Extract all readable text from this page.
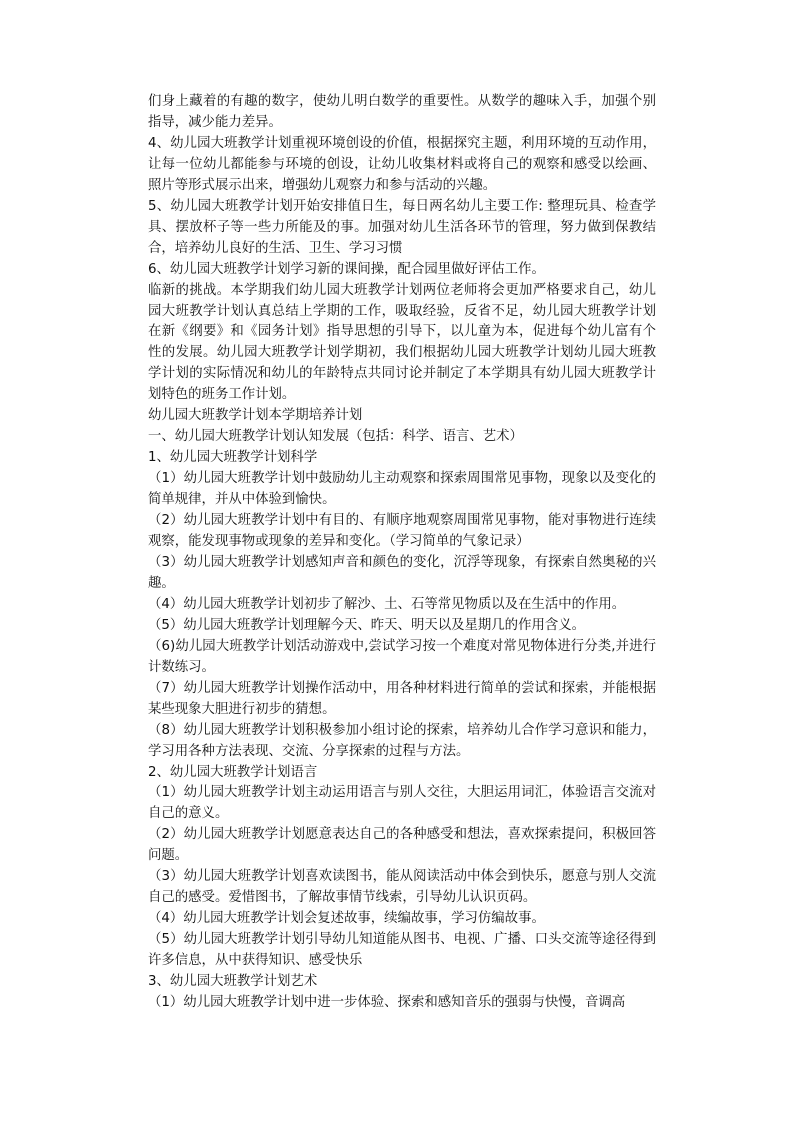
们身上藏着的有趣的数字，使幼儿明白数学的重要性。从数学的趣味入手，加强个别指导，减少能力差异。

4、幼儿园大班教学计划重视环境创设的价值，根据探究主题，利用环境的互动作用，让每一位幼儿都能参与环境的创设，让幼儿收集材料或将自己的观察和感受以绘画、照片等形式展示出来，增强幼儿观察力和参与活动的兴趣。

5、幼儿园大班教学计划开始安排值日生，每日两名幼儿主要工作: 整理玩具、检查学具、摆放杯子等一些力所能及的事。加强对幼儿生活各环节的管理，努力做到保教结合，培养幼儿良好的生活、卫生、学习习惯

6、幼儿园大班教学计划学习新的课间操，配合园里做好评估工作。

临新的挑战。本学期我们幼儿园大班教学计划两位老师将会更加严格要求自己，幼儿园大班教学计划认真总结上学期的工作，吸取经验，反省不足，幼儿园大班教学计划在新《纲要》和《园务计划》指导思想的引导下，以儿童为本，促进每个幼儿富有个性的发展。幼儿园大班教学计划学期初，我们根据幼儿园大班教学计划幼儿园大班教学计划的实际情况和幼儿的年龄特点共同讨论并制定了本学期具有幼儿园大班教学计划特色的班务工作计划。

幼儿园大班教学计划本学期培养计划

一、幼儿园大班教学计划认知发展（包括：科学、语言、艺术）

1、幼儿园大班教学计划科学

（1）幼儿园大班教学计划中鼓励幼儿主动观察和探索周围常见事物，现象以及变化的简单规律，并从中体验到愉快。

（2）幼儿园大班教学计划中有目的、有顺序地观察周围常见事物，能对事物进行连续观察，能发现事物或现象的差异和变化。（学习简单的气象记录）

（3）幼儿园大班教学计划感知声音和颜色的变化，沉浮等现象，有探索自然奥秘的兴趣。

（4）幼儿园大班教学计划初步了解沙、土、石等常见物质以及在生活中的作用。

（5）幼儿园大班教学计划理解今天、昨天、明天以及星期几的作用含义。

（6)幼儿园大班教学计划活动游戏中,尝试学习按一个难度对常见物体进行分类,并进行计数练习。

（7）幼儿园大班教学计划操作活动中，用各种材料进行简单的尝试和探索，并能根据某些现象大胆进行初步的猜想。

（8）幼儿园大班教学计划积极参加小组讨论的探索，培养幼儿合作学习意识和能力，学习用各种方法表现、交流、分享探索的过程与方法。

2、幼儿园大班教学计划语言

（1）幼儿园大班教学计划主动运用语言与别人交往，大胆运用词汇，体验语言交流对自己的意义。

（2）幼儿园大班教学计划愿意表达自己的各种感受和想法，喜欢探索提问，积极回答问题。

（3）幼儿园大班教学计划喜欢读图书，能从阅读活动中体会到快乐，愿意与别人交流自己的感受。爱惜图书，了解故事情节线索，引导幼儿认识页码。

（4）幼儿园大班教学计划会复述故事，续编故事，学习仿编故事。

（5）幼儿园大班教学计划引导幼儿知道能从图书、电视、广播、口头交流等途径得到许多信息，从中获得知识、感受快乐

3、幼儿园大班教学计划艺术

（1）幼儿园大班教学计划中进一步体验、探索和感知音乐的强弱与快慢，音调高
